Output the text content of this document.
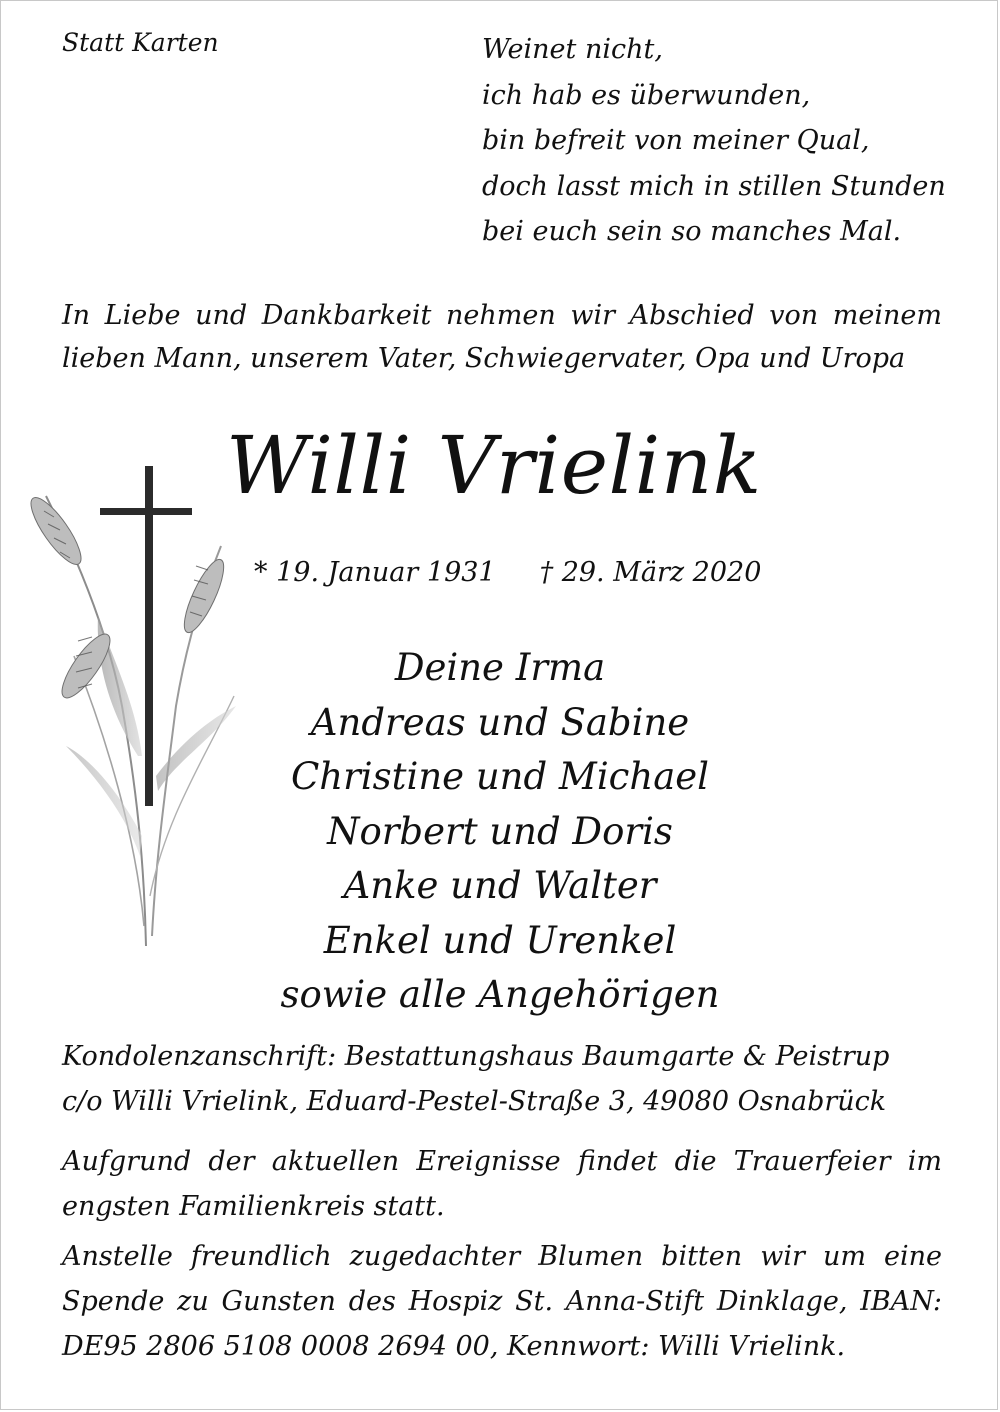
Statt Karten	Weinet nicht,
ich hab es überwunden,
bin befreit von meiner Qual,
doch lasst mich in stillen Stunden
bei euch sein so manches Mal.
In Liebe und Dankbarkeit nehmen wir Abschied von meinem lieben Mann, unserem Vater, Schwiegervater, Opa und Uropa
Willi Vrielink
* 19. Januar 1931 † 29. März 2020
Deine Irma
Andreas und Sabine
Christine und Michael
Norbert und Doris
Anke und Walter
Enkel und Urenkel
sowie alle Angehörigen
Kondolenzanschrift: Bestattungshaus Baumgarte & Peistrup
c/o Willi Vrielink, Eduard-Pestel-Straße 3, 49080 Osnabrück
Aufgrund der aktuellen Ereignisse findet die Trauerfeier im engsten Familienkreis statt.
Anstelle freundlich zugedachter Blumen bitten wir um eine Spende zu Gunsten des Hospiz St. Anna-Stift Dinklage, IBAN: DE95 2806 5108 0008 2694 00, Kennwort: Willi Vrielink.
